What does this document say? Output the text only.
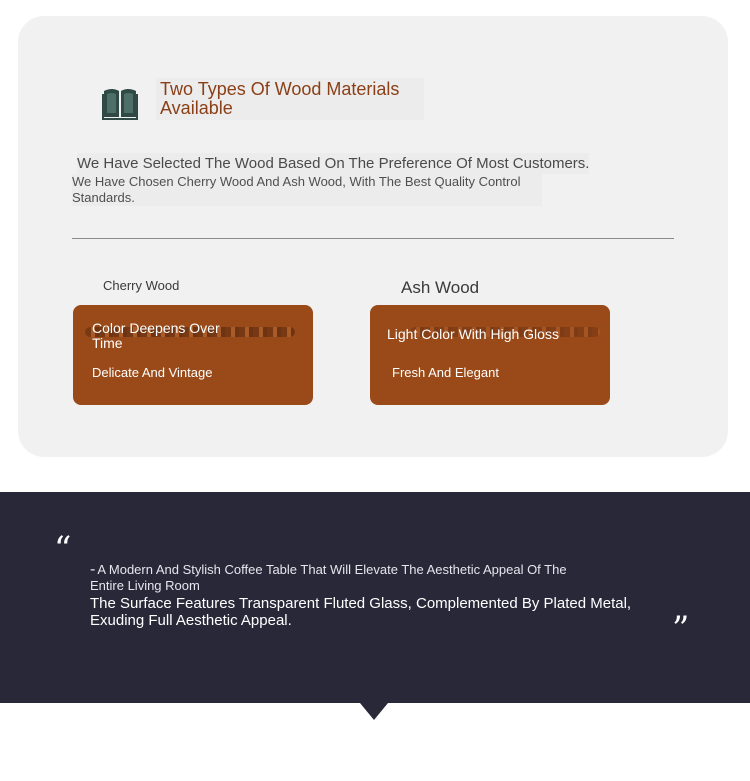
Two Types Of Wood Materials Available
We Have Selected The Wood Based On The Preference Of Most Customers.
We Have Chosen Cherry Wood And Ash Wood, With The Best Quality Control Standards.
Cherry Wood	Ash Wood
Color Deepens Over Time
Delicate And Vintage
Light Color With High Gloss
Fresh And Elegant
“
- A Modern And Stylish Coffee Table That Will Elevate The Aesthetic Appeal Of The Entire Living Room
The Surface Features Transparent Fluted Glass, Complemented By Plated Metal, Exuding Full Aesthetic Appeal.	”
